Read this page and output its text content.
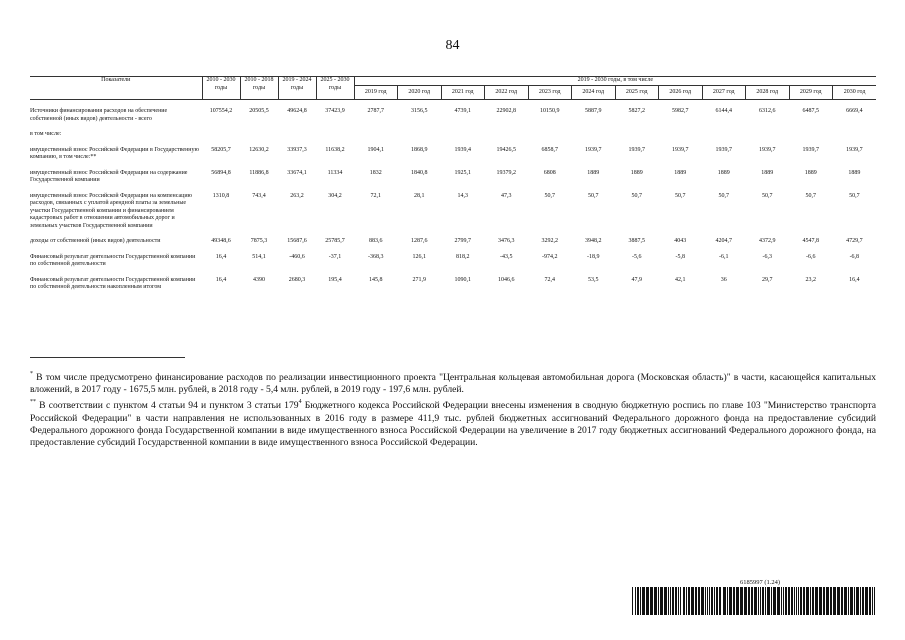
84
Показатели	2010 - 2030 годы	2010 - 2018 годы	2019 - 2024 годы	2025 - 2030 годы	2019 - 2030 годы, в том числе											
					2019 год	2020 год	2021 год	2022 год	2023 год	2024 год	2025 год	2026 год	2027 год	2028 год	2029 год	2030 год

Источники финансирования расходов на обеспечение собственной (иных видов) деятельности - всего	107554,2	20505,5	49624,8	37423,9	2787,7	3156,5	4739,1	22902,8	10150,9	5887,9	5827,2	5982,7	6144,4	6312,6	6487,5	6669,4

в том числе:																

имущественный взнос Российской Федерации в Государственную компанию, в том числе:**	58205,7	12630,2	33937,3	11638,2	1904,1	1868,9	1939,4	19426,5	6858,7	1939,7	1939,7	1939,7	1939,7	1939,7	1939,7	1939,7

имущественный взнос Российской Федерации на содержание Государственной компании	56894,8	11886,8	33674,1	11334	1832	1840,8	1925,1	19379,2	6808	1889	1889	1889	1889	1889	1889	1889

имущественный взнос Российской Федерации на компенсацию расходов, связанных с уплатой арендной платы за земельные участки Государственной компании и финансированием кадастровых работ в отношении автомобильных дорог и земельных участков Государственной компании	1310,8	743,4	263,2	304,2	72,1	28,1	14,3	47,3	50,7	50,7	50,7	50,7	50,7	50,7	50,7	50,7

доходы от собственной (иных видов) деятельности	49348,6	7875,3	15687,6	25785,7	883,6	1287,6	2799,7	3476,3	3292,2	3948,2	3887,5	4043	4204,7	4372,9	4547,8	4729,7

Финансовый результат деятельности Государственной компании по собственной деятельности	16,4	514,1	-460,6	-37,1	-368,3	126,1	818,2	-43,5	-974,2	-18,9	-5,6	-5,8	-6,1	-6,3	-6,6	-6,8

Финансовый результат деятельности Государственной компании по собственной деятельности накопленным итогом	16,4	4390	2680,3	195,4	145,8	271,9	1090,1	1046,6	72,4	53,5	47,9	42,1	36	29,7	23,2	16,4

* В том числе предусмотрено финансирование расходов по реализации инвестиционного проекта "Центральная кольцевая автомобильная дорога (Московская область)" в части, касающейся капитальных вложений, в 2017 году - 1675,5 млн. рублей, в 2018 году - 5,4 млн. рублей, в 2019 году - 197,6 млн. рублей.

** В соответствии с пунктом 4 статьи 94 и пунктом 3 статьи $179^4$ Бюджетного кодекса Российской Федерации внесены изменения в сводную бюджетную роспись по главе 103 "Министерство транспорта Российской Федерации" в части направления не использованных в 2016 году в размере 411,9 тыс. рублей бюджетных ассигнований Федерального дорожного фонда на предоставление субсидий Федерального дорожного фонда Государственной компании в виде имущественного взноса Российской Федерации на увеличение в 2017 году бюджетных ассигнований Федерального дорожного фонда, на предоставление субсидий Государственной компании в виде имущественного взноса Российской Федерации.

6185997 (1.24)
